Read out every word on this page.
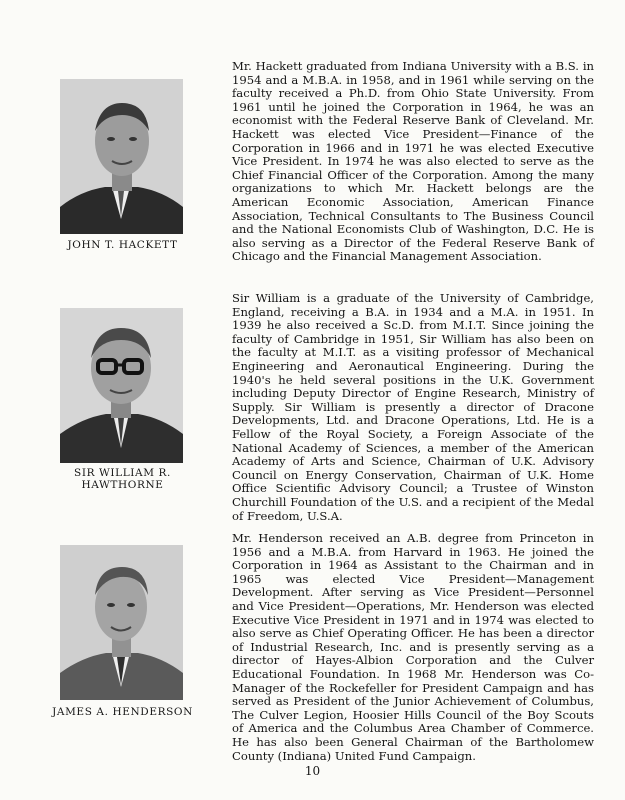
JOHN T. HACKETT

Mr. Hackett graduated from Indiana University with a B.S. in 1954 and a M.B.A. in 1958, and in 1961 while serving on the faculty received a Ph.D. from Ohio State University. From 1961 until he joined the Corporation in 1964, he was an economist with the Federal Reserve Bank of Cleveland. Mr. Hackett was elected Vice President—Finance of the Corporation in 1966 and in 1971 he was elected Executive Vice President. In 1974 he was also elected to serve as the Chief Financial Officer of the Corporation. Among the many organizations to which Mr. Hackett belongs are the American Economic Association, American Finance Association, Technical Consultants to The Business Council and the National Economists Club of Washington, D.C. He is also serving as a Director of the Federal Reserve Bank of Chicago and the Financial Management Association.

SIR WILLIAM R. HAWTHORNE

Sir William is a graduate of the University of Cambridge, England, receiving a B.A. in 1934 and a M.A. in 1951. In 1939 he also received a Sc.D. from M.I.T. Since joining the faculty of Cambridge in 1951, Sir William has also been on the faculty at M.I.T. as a visiting professor of Mechanical Engineering and Aeronautical Engineering. During the 1940's he held several positions in the U.K. Government including Deputy Director of Engine Research, Ministry of Supply. Sir William is presently a director of Dracone Developments, Ltd. and Dracone Operations, Ltd. He is a Fellow of the Royal Society, a Foreign Associate of the National Academy of Sciences, a member of the American Academy of Arts and Science, Chairman of U.K. Advisory Council on Energy Conservation, Chairman of U.K. Home Office Scientific Advisory Council; a Trustee of Winston Churchill Foundation of the U.S. and a recipient of the Medal of Freedom, U.S.A.

JAMES A. HENDERSON

Mr. Henderson received an A.B. degree from Princeton in 1956 and a M.B.A. from Harvard in 1963. He joined the Corporation in 1964 as Assistant to the Chairman and in 1965 was elected Vice President—Management Development. After serving as Vice President—Personnel and Vice President—Operations, Mr. Henderson was elected Executive Vice President in 1971 and in 1974 was elected to also serve as Chief Operating Officer. He has been a director of Industrial Research, Inc. and is presently serving as a director of Hayes-Albion Corporation and the Culver Educational Foundation. In 1968 Mr. Henderson was Co-Manager of the Rockefeller for President Campaign and has served as President of the Junior Achievement of Columbus, The Culver Legion, Hoosier Hills Council of the Boy Scouts of America and the Columbus Area Chamber of Commerce. He has also been General Chairman of the Bartholomew County (Indiana) United Fund Campaign.

10
